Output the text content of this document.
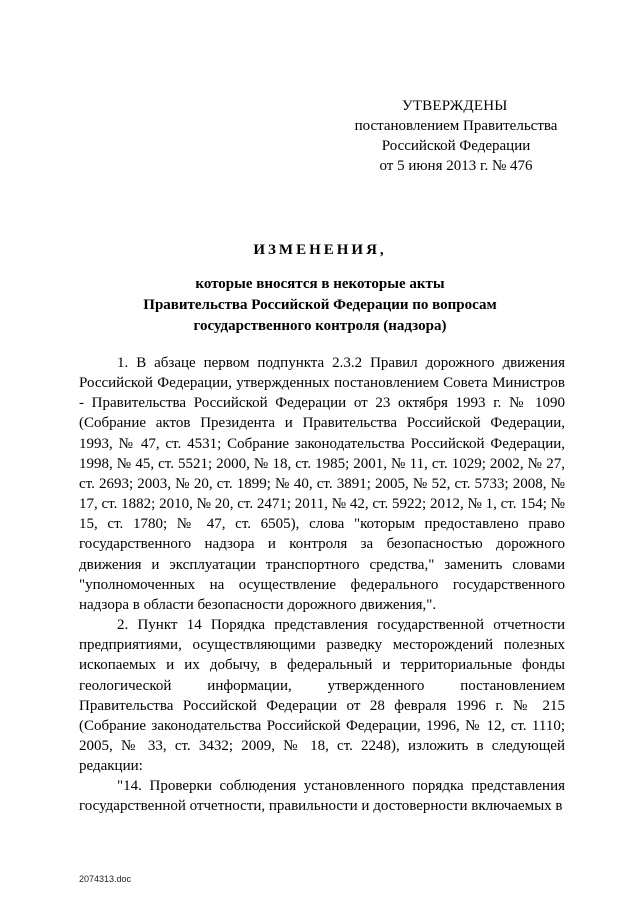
УТВЕРЖДЕНЫ
постановлением Правительства
Российской Федерации
от 5 июня 2013 г. № 476
ИЗМЕНЕНИЯ,
которые вносятся в некоторые акты
Правительства Российской Федерации по вопросам
государственного контроля (надзора)

1. В абзаце первом подпункта 2.3.2 Правил дорожного движения Российской Федерации, утвержденных постановлением Совета Министров - Правительства Российской Федерации от 23 октября 1993 г. № 1090 (Собрание актов Президента и Правительства Российской Федерации, 1993, № 47, ст. 4531; Собрание законодательства Российской Федерации, 1998, № 45, ст. 5521; 2000, № 18, ст. 1985; 2001, № 11, ст. 1029; 2002, № 27, ст. 2693; 2003, № 20, ст. 1899; № 40, ст. 3891; 2005, № 52, ст. 5733; 2008, № 17, ст. 1882; 2010, № 20, ст. 2471; 2011, № 42, ст. 5922; 2012, № 1, ст. 154; № 15, ст. 1780; № 47, ст. 6505), слова "которым предоставлено право государственного надзора и контроля за безопасностью дорожного движения и эксплуатации транспортного средства," заменить словами "уполномоченных на осуществление федерального государственного надзора в области безопасности дорожного движения,".

2. Пункт 14 Порядка представления государственной отчетности предприятиями, осуществляющими разведку месторождений полезных ископаемых и их добычу, в федеральный и территориальные фонды геологической информации, утвержденного постановлением Правительства Российской Федерации от 28 февраля 1996 г. № 215 (Собрание законодательства Российской Федерации, 1996, № 12, ст. 1110; 2005, № 33, ст. 3432; 2009, № 18, ст. 2248), изложить в следующей редакции:

"14. Проверки соблюдения установленного порядка представления государственной отчетности, правильности и достоверности включаемых в

2074313.doc
